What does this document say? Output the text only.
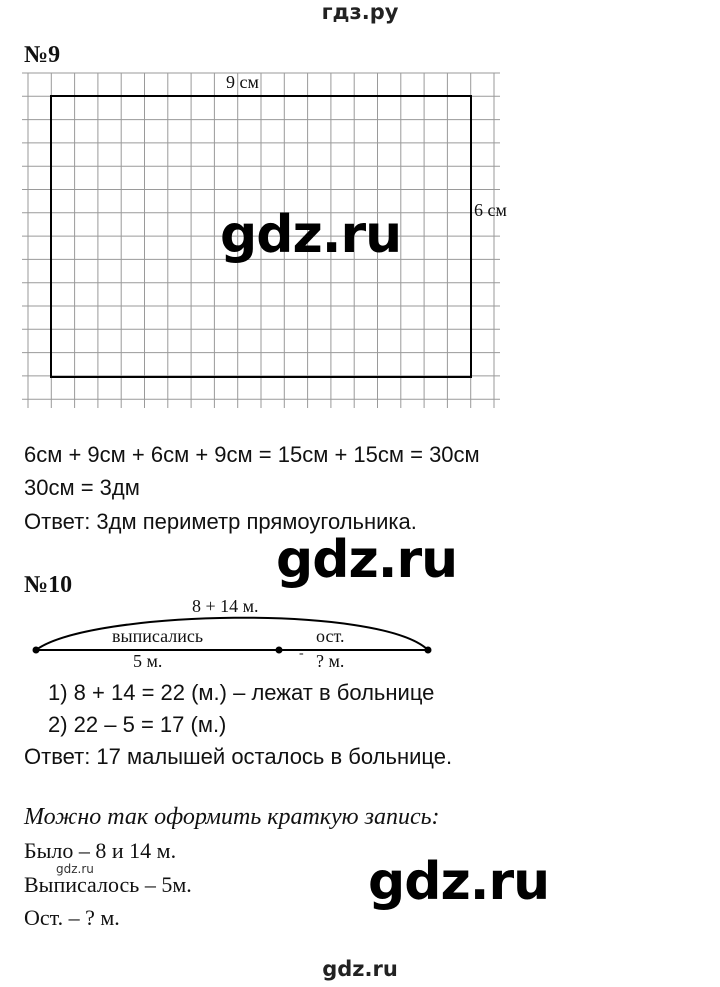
гдз.ру
№9
9 см
6 см
gdz.ru
6см + 9см + 6см + 9см = 15см + 15см = 30см
30см = 3дм
Ответ: 3дм периметр прямоугольника.
gdz.ru
№10
8 + 14 м.
выписались	ост.
5 м.	- ? м.
1) 8 + 14 = 22 (м.) – лежат в больнице
2) 22 – 5 = 17 (м.)
Ответ: 17 малышей осталось в больнице.
Можно так оформить краткую запись:
Было – 8 и 14 м.
gdz.ru
Выписалось – 5м.
Ост. – ? м.
gdz.ru
gdz.ru
